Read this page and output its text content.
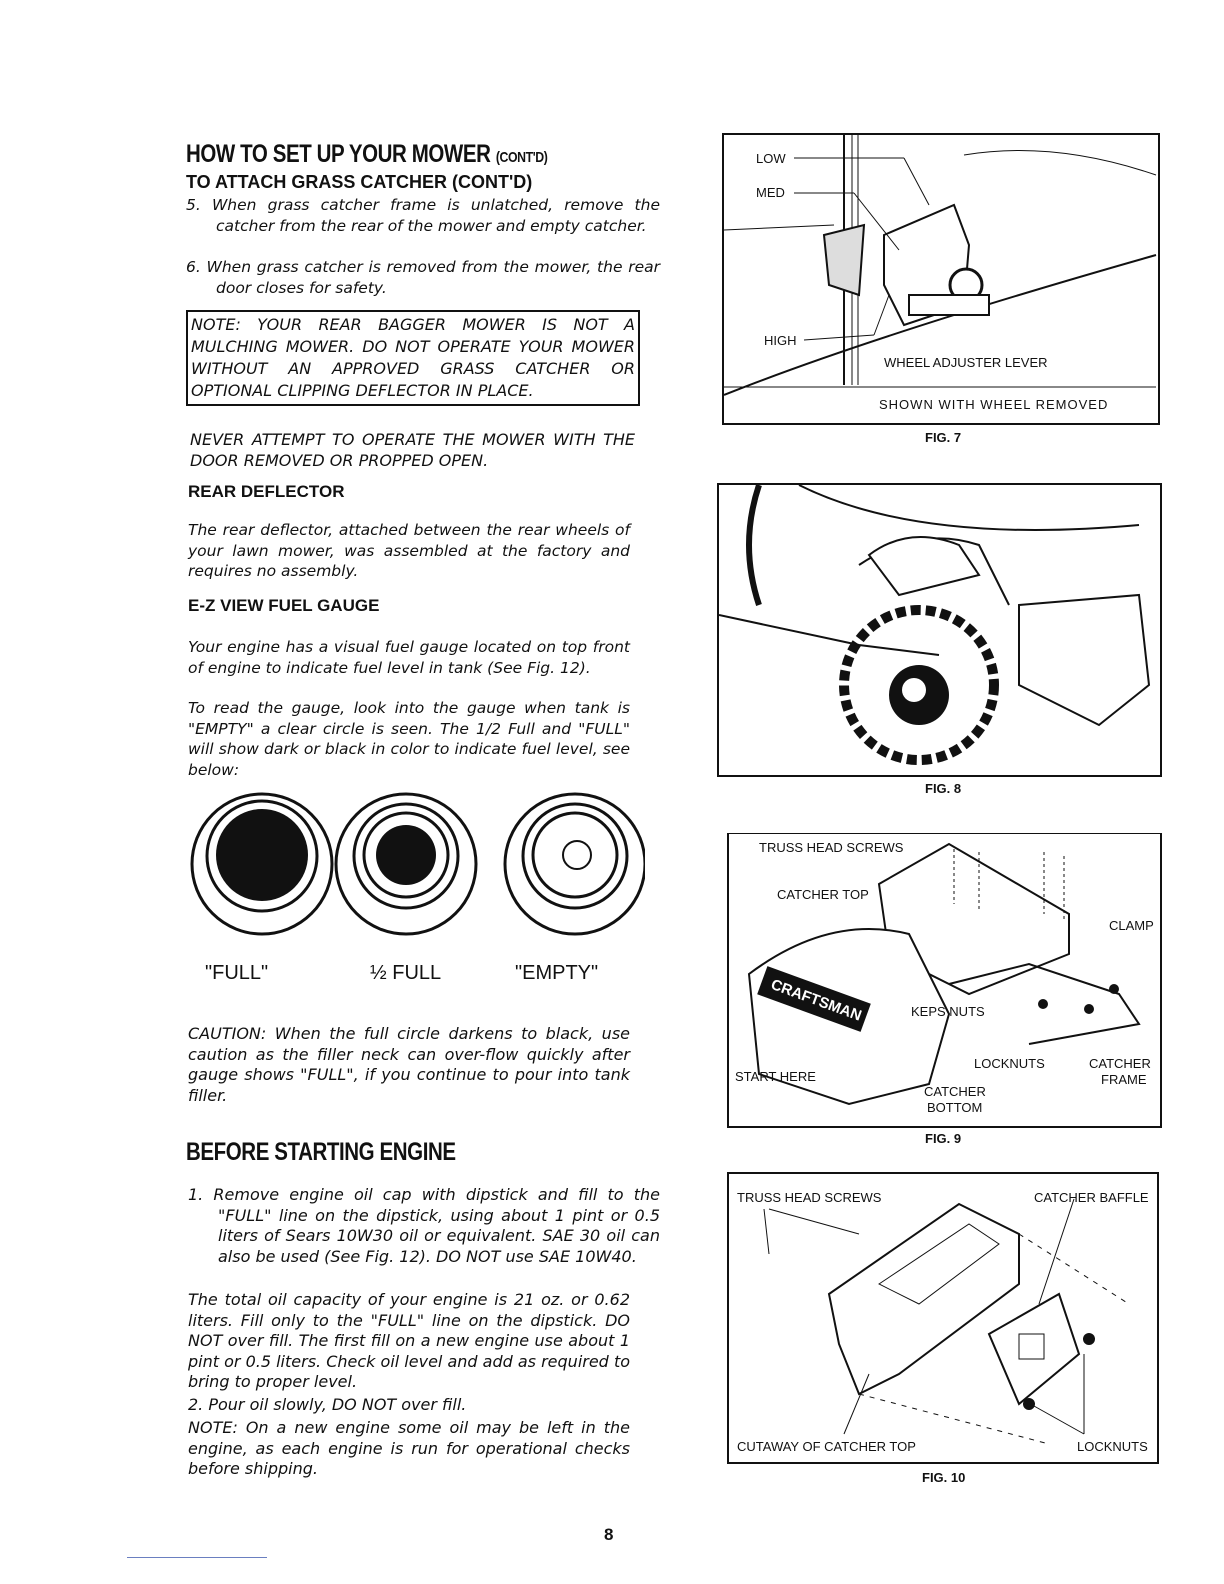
HOW TO SET UP YOUR MOWER (CONT'D)
TO ATTACH GRASS CATCHER (CONT'D)
5. When grass catcher frame is unlatched, remove the catcher from the rear of the mower and empty catcher.
6. When grass catcher is removed from the mower, the rear door closes for safety.
NOTE: YOUR REAR BAGGER MOWER IS NOT A MULCHING MOWER. DO NOT OPERATE YOUR MOWER WITHOUT AN APPROVED GRASS CATCHER OR OPTIONAL CLIPPING DEFLECTOR IN PLACE.
NEVER ATTEMPT TO OPERATE THE MOWER WITH THE DOOR REMOVED OR PROPPED OPEN.
REAR DEFLECTOR
The rear deflector, attached between the rear wheels of your lawn mower, was assembled at the factory and requires no assembly.
E-Z VIEW FUEL GAUGE
Your engine has a visual fuel gauge located on top front of engine to indicate fuel level in tank (See Fig. 12).
To read the gauge, look into the gauge when tank is "EMPTY" a clear circle is seen. The 1/2 Full and "FULL" will show dark or black in color to indicate fuel level, see below:
"FULL"	½ FULL	"EMPTY"
CAUTION: When the full circle darkens to black, use caution as the filler neck can over-flow quickly after gauge shows "FULL", if you continue to pour into tank filler.
BEFORE STARTING ENGINE
1. Remove engine oil cap with dipstick and fill to the "FULL" line on the dipstick, using about 1 pint or 0.5 liters of Sears 10W30 oil or equivalent. SAE 30 oil can also be used (See Fig. 12). DO NOT use SAE 10W40.
The total oil capacity of your engine is 21 oz. or 0.62 liters. Fill only to the "FULL" line on the dipstick. DO NOT over fill. The first fill on a new engine use about 1 pint or 0.5 liters. Check oil level and add as required to bring to proper level.
2. Pour oil slowly, DO NOT over fill.
NOTE: On a new engine some oil may be left in the engine, as each engine is run for operational checks before shipping.
LOW
MED
HIGH
WHEEL ADJUSTER LEVER
SHOWN WITH WHEEL REMOVED
FIG. 7
FIG. 8
CRAFTSMAN
TRUSS HEAD SCREWS
CATCHER TOP
CLAMP
KEPS NUTS
LOCKNUTS	CATCHER
FRAME
START HERE
CATCHER
BOTTOM
FIG. 9
TRUSS HEAD SCREWS	CATCHER BAFFLE
CUTAWAY OF CATCHER TOP	LOCKNUTS
FIG. 10
8
